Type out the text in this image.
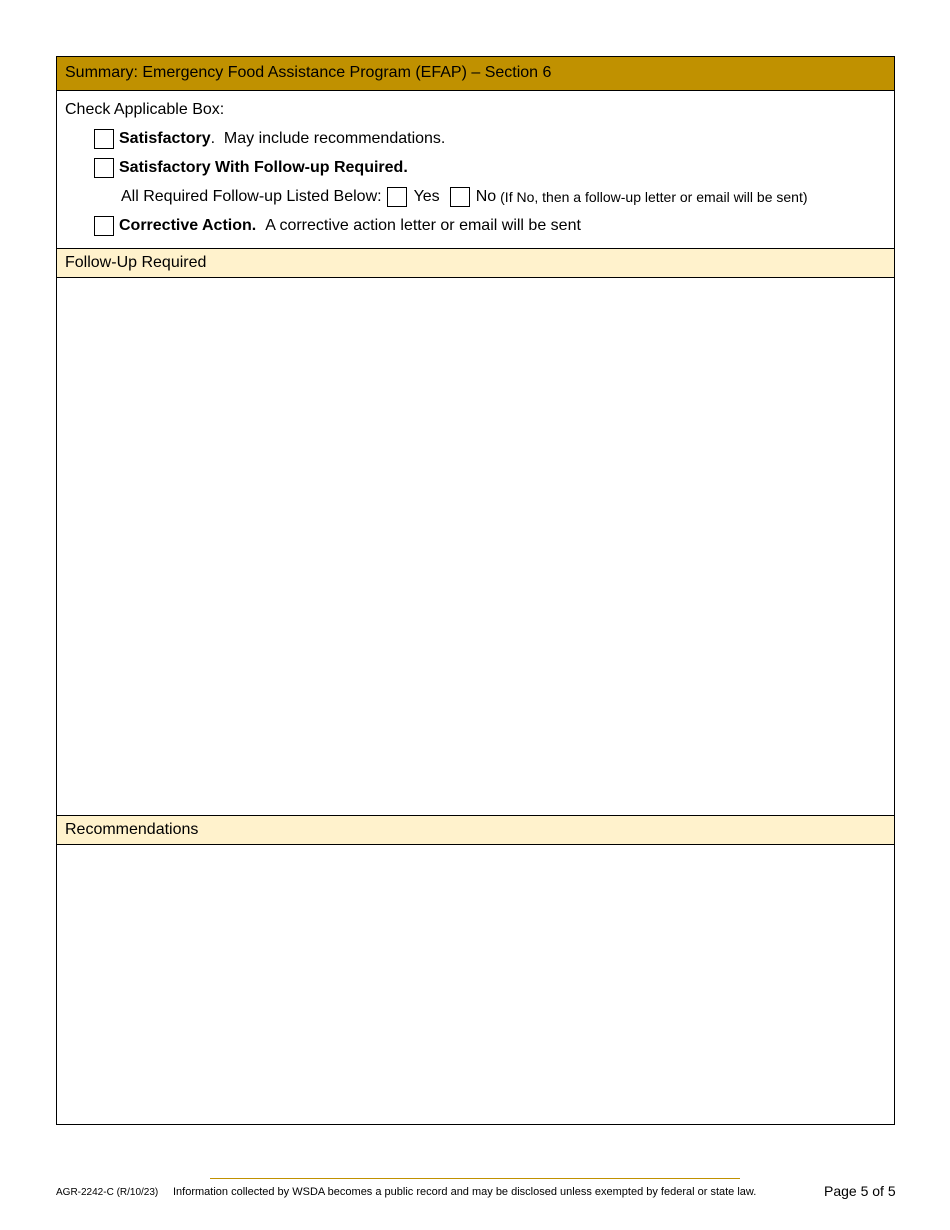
Summary: Emergency Food Assistance Program (EFAP) – Section 6
Check Applicable Box:
Satisfactory .  May include recommendations.
Satisfactory With Follow-up Required.
All Required Follow-up Listed Below: Yes No (If No, then a follow-up letter or email will be sent)
Corrective Action. A corrective action letter or email will be sent
Follow-Up Required
Recommendations
AGR-2242-C (R/10/23) Information collected by WSDA becomes a public record and may be disclosed unless exempted by federal or state law.	Page 5 of 5
